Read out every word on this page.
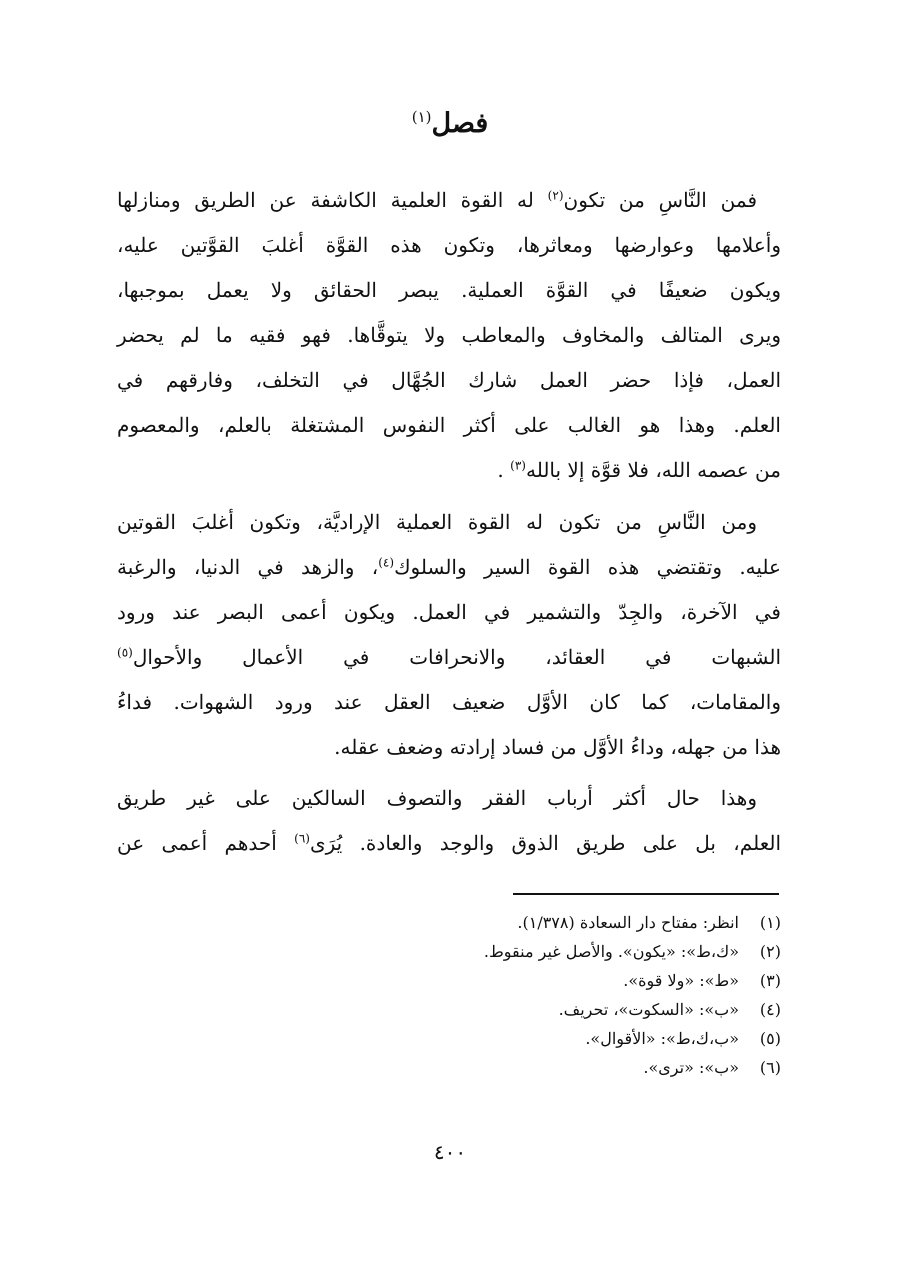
فصل$^{(١)}$
فمن النَّاسِ من تكون$^{(٢)}$ له القوة العلمية الكاشفة عن الطريق ومنازلها
وأعلامها وعوارضها ومعاثرها، وتكون هذه القوَّة أغلبَ القوَّتين عليه،
ويكون ضعيفًا في القوَّة العملية. يبصر الحقائق ولا يعمل بموجبها،
ويرى المتالف والمخاوف والمعاطب ولا يتوقَّاها. فهو فقيه ما لم يحضر
العمل، فإذا حضر العمل شارك الجُهَّال في التخلف، وفارقهم في
العلم. وهذا هو الغالب على أكثر النفوس المشتغلة بالعلم، والمعصوم
من عصمه الله، فلا قوَّة إلا بالله$^{(٣)}$ .
ومن النَّاسِ من تكون له القوة العملية الإراديَّة، وتكون أغلبَ القوتين
عليه. وتقتضي هذه القوة السير والسلوك$^{(٤)}$، والزهد في الدنيا، والرغبة
في الآخرة، والجِدّ والتشمير في العمل. ويكون أعمى البصر عند ورود
الشبهات في العقائد، والانحرافات في الأعمال والأحوال$^{(٥)}$
والمقامات، كما كان الأوَّل ضعيف العقل عند ورود الشهوات. فداءُ
هذا من جهله، وداءُ الأوَّل من فساد إرادته وضعف عقله.
وهذا حال أكثر أرباب الفقر والتصوف السالكين على غير طريق
العلم، بل على طريق الذوق والوجد والعادة. يُرَى$^{(٦)}$ أحدهم أعمى عن
(١)انظر: مفتاح دار السعادة (١/٣٧٨).
(٢)«ك،ط»: «يكون». والأصل غير منقوط.
(٣)«ط»: «ولا قوة».
(٤)«ب»: «السكوت»، تحريف.
(٥)«ب،ك،ط»: «الأقوال».
(٦)«ب»: «ترى».
٤٠٠
